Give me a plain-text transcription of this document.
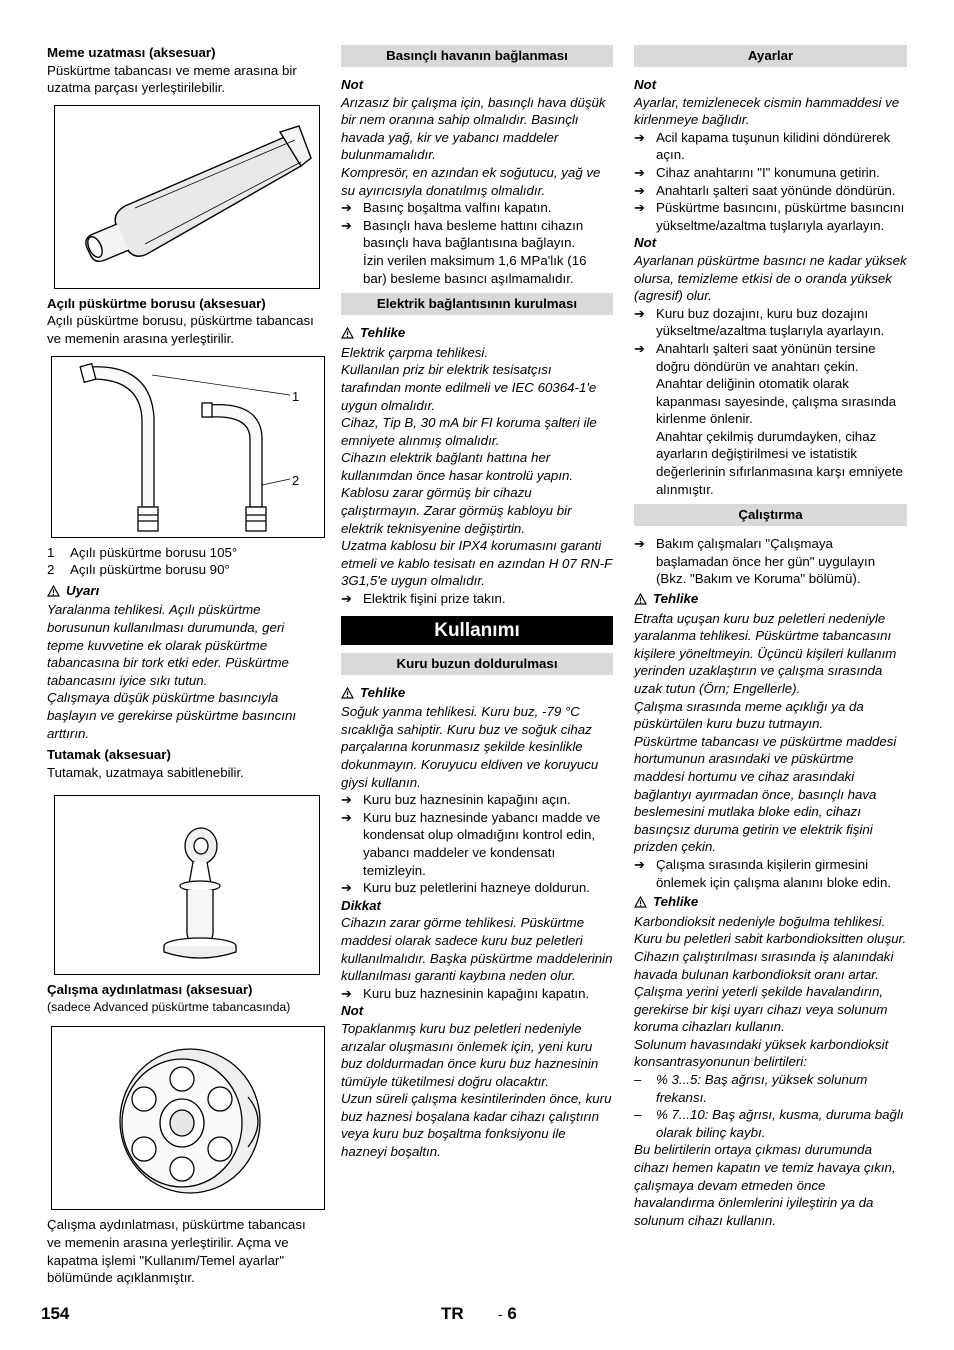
Meme uzatması (aksesuar)

Püskürtme tabancası ve meme arasına bir uzatma parçası yerleştirilebilir.

Açılı püskürtme borusu (aksesuar)

Açılı püskürtme borusu, püskürtme tabancası ve memenin arasına yerleştirilir.

1
2
1	Açılı püskürtme borusu 105°
2	Açılı püskürtme borusu 90°

Uyarı

Yaralanma tehlikesi. Açılı püskürtme borusunun kullanılması durumunda, geri tepme kuvvetine ek olarak püskürtme tabancasına bir tork etki eder. Püskürtme tabancasını iyice sıkı tutun.

Çalışmaya düşük püskürtme basıncıyla başlayın ve gerekirse püskürtme basıncını arttırın.

Tutamak (aksesuar)

Tutamak, uzatmaya sabitlenebilir.

Çalışma aydınlatması (aksesuar)

(sadece Advanced püskürtme tabancasında)

Çalışma aydınlatması, püskürtme tabancası ve memenin arasına yerleştirilir. Açma ve kapatma işlemi "Kullanım/Temel ayarlar" bölümünde açıklanmıştır.

Basınçlı havanın bağlanması

Not

Arızasız bir çalışma için, basınçlı hava düşük bir nem oranına sahip olmalıdır. Basınçlı havada yağ, kir ve yabancı maddeler bulunmamalıdır.

Kompresör, en azından ek soğutucu, yağ ve su ayırıcısıyla donatılmış olmalıdır.

➔ Basınç boşaltma valfını kapatın.
➔ Basınçlı hava besleme hattını cihazın basınçlı hava bağlantısına bağlayın.

İzin verilen maksimum 1,6 MPa'lık (16 bar) besleme basıncı aşılmamalıdır.

Elektrik bağlantısının kurulması

Tehlike

Elektrik çarpma tehlikesi.

Kullanılan priz bir elektrik tesisatçısı tarafından monte edilmeli ve IEC 60364-1'e uygun olmalıdır.

Cihaz, Tip B, 30 mA bir FI koruma şalteri ile emniyete alınmış olmalıdır.

Cihazın elektrik bağlantı hattına her kullanımdan önce hasar kontrolü yapın. Kablosu zarar görmüş bir cihazu çalıştırmayın. Zarar görmüş kabloyu bir elektrik teknisyenine değiştirtin.

Uzatma kablosu bir IPX4 korumasını garanti etmeli ve kablo tesisatı en azından H 07 RN-F 3G1,5'e uygun olmalıdır.

➔ Elektrik fişini prize takın.
Kullanımı
Kuru buzun doldurulması

Tehlike

Soğuk yanma tehlikesi. Kuru buz, -79 °C sıcaklığa sahiptir. Kuru buz ve soğuk cihaz parçalarına korunmasız şekilde kesinlikle dokunmayın. Koruyucu eldiven ve koruyucu giysi kullanın.

➔ Kuru buz haznesinin kapağını açın.
➔ Kuru buz haznesinde yabancı madde ve kondensat olup olmadığını kontrol edin, yabancı maddeler ve kondensatı temizleyin.
➔ Kuru buz peletlerini hazneye doldurun.

Dikkat

Cihazın zarar görme tehlikesi. Püskürtme maddesi olarak sadece kuru buz peletleri kullanılmalıdır. Başka püskürtme maddelerinin kullanılması garanti kaybına neden olur.

➔ Kuru buz haznesinin kapağını kapatın.

Not

Topaklanmış kuru buz peletleri nedeniyle arızalar oluşmasını önlemek için, yeni kuru buz doldurmadan önce kuru buz haznesinin tümüyle tüketilmesi doğru olacaktır.

Uzun süreli çalışma kesintilerinden önce, kuru buz haznesi boşalana kadar cihazı çalıştırın veya kuru buz boşaltma fonksiyonu ile hazneyi boşaltın.

Ayarlar

Not

Ayarlar, temizlenecek cismin hammaddesi ve kirlenmeye bağlıdır.

➔ Acil kapama tuşunun kilidini döndürerek açın.
➔ Cihaz anahtarını "I" konumuna getirin.
➔ Anahtarlı şalteri saat yönünde döndürün.
➔ Püskürtme basıncını, püskürtme basıncını yükseltme/azaltma tuşlarıyla ayarlayın.

Not

Ayarlanan püskürtme basıncı ne kadar yüksek olursa, temizleme etkisi de o oranda yüksek (agresif) olur.

➔ Kuru buz dozajını, kuru buz dozajını yükseltme/azaltma tuşlarıyla ayarlayın.
➔ Anahtarlı şalteri saat yönünün tersine doğru döndürün ve anahtarı çekin.

Anahtar deliğinin otomatik olarak kapanması sayesinde, çalışma sırasında kirlenme önlenir.

Anahtar çekilmiş durumdayken, cihaz ayarların değiştirilmesi ve istatistik değerlerinin sıfırlanmasına karşı emniyete alınmıştır.

Çalıştırma
➔ Bakım çalışmaları "Çalışmaya başlamadan önce her gün" uygulayın (Bkz. "Bakım ve Koruma" bölümü).

Tehlike

Etrafta uçuşan kuru buz peletleri nedeniyle yaralanma tehlikesi. Püskürtme tabancasını kişilere yöneltmeyin. Üçüncü kişileri kullanım yerinden uzaklaştırın ve çalışma sırasında uzak tutun (Örn; Engellerle).

Çalışma sırasında meme açıklığı ya da püskürtülen kuru buzu tutmayın.

Püskürtme tabancası ve püskürtme maddesi hortumunun arasındaki ve püskürtme maddesi hortumu ve cihaz arasındaki bağlantıyı ayırmadan önce, basınçlı hava beslemesini mutlaka bloke edin, cihazı basınçsız duruma getirin ve elektrik fişini prizden çekin.

➔ Çalışma sırasında kişilerin girmesini önlemek için çalışma alanını bloke edin.

Tehlike

Karbondioksit nedeniyle boğulma tehlikesi. Kuru bu peletleri sabit karbondioksitten oluşur. Cihazın çalıştırılması sırasında iş alanındaki havada bulunan karbondioksit oranı artar. Çalışma yerini yeterli şekilde havalandırın, gerekirse bir kişi uyarı cihazı veya solunum koruma cihazları kullanın.

Solunum havasındaki yüksek karbondioksit konsantrasyonunun belirtileri:

–	% 3...5: Baş ağrısı, yüksek solunum frekansı.
–	% 7...10: Baş ağrısı, kusma, duruma bağlı olarak bilinç kaybı.

Bu belirtilerin ortaya çıkması durumunda cihazı hemen kapatın ve temiz havaya çıkın, çalışmaya devam etmeden önce havalandırma önlemlerini iyileştirin ya da solunum cihazı kullanın.

154	TR - 6
